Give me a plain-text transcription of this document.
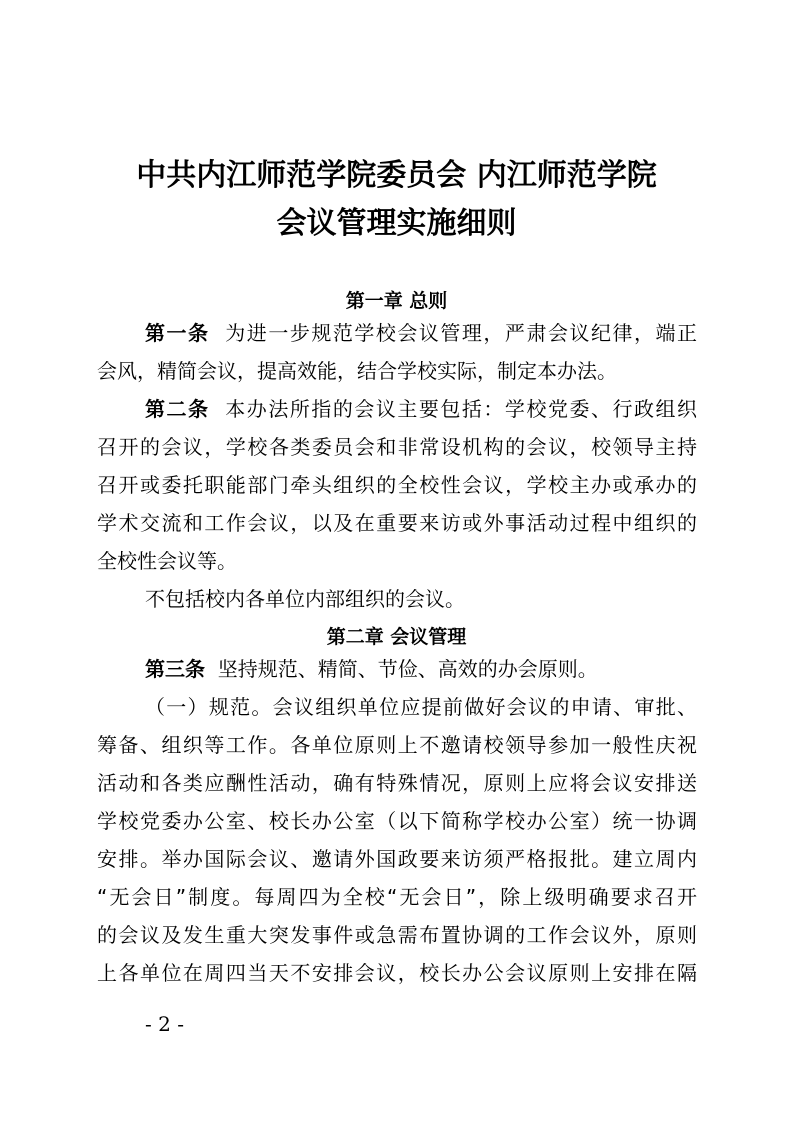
中共内江师范学院委员会 内江师范学院
会议管理实施细则
第一章 总则
第一条 为进一步规范学校会议管理，严肃会议纪律，端正
会风，精简会议，提高效能，结合学校实际，制定本办法。
第二条 本办法所指的会议主要包括：学校党委、行政组织
召开的会议，学校各类委员会和非常设机构的会议，校领导主持
召开或委托职能部门牵头组织的全校性会议，学校主办或承办的
学术交流和工作会议，以及在重要来访或外事活动过程中组织的
全校性会议等。
不包括校内各单位内部组织的会议。
第二章 会议管理
第三条 坚持规范、精简、节俭、高效的办会原则。
（一）规范。会议组织单位应提前做好会议的申请、审批、
筹备、组织等工作。各单位原则上不邀请校领导参加一般性庆祝
活动和各类应酬性活动，确有特殊情况，原则上应将会议安排送
学校党委办公室、校长办公室（以下简称学校办公室）统一协调
安排。举办国际会议、邀请外国政要来访须严格报批。建立周内
“无会日”制度。每周四为全校“无会日”，除上级明确要求召开
的会议及发生重大突发事件或急需布置协调的工作会议外，原则
上各单位在周四当天不安排会议，校长办公会议原则上安排在隔
- 2 -
